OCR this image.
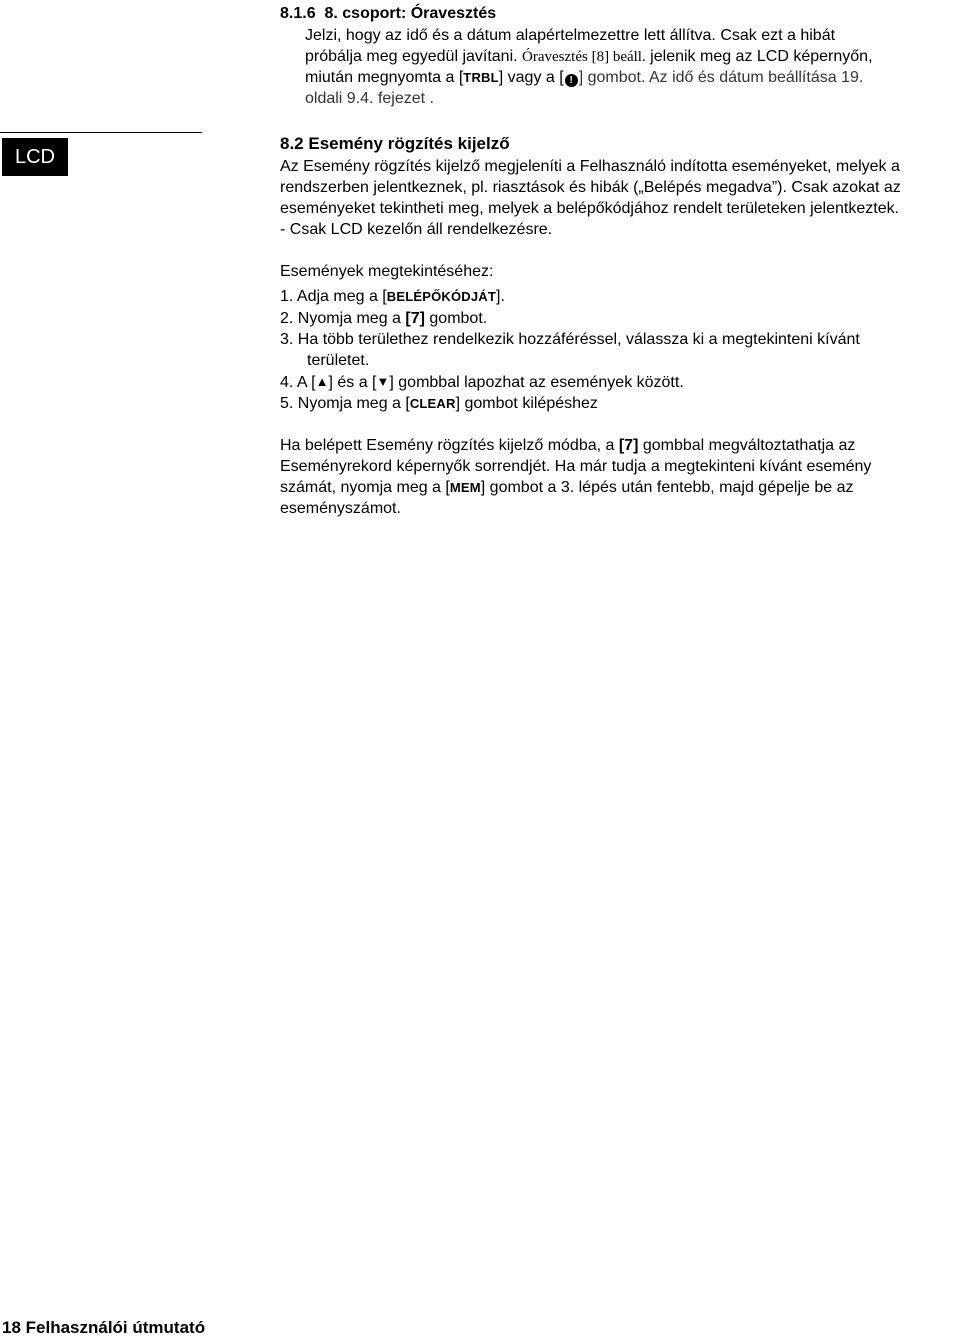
8.1.6 8. csoport: Óravesztés
Jelzi, hogy az idő és a dátum alapértelmezettre lett állítva. Csak ezt a hibát
próbálja meg egyedül javítani. Óravesztés [8] beáll. jelenik meg az LCD képernyőn,
miután megnyomta a [TRBL] vagy a [ ! ] gombot. Az idő és dátum beállítása 19.
oldali 9.4. fejezet .
LCD
8.2 Esemény rögzítés kijelző
Az Esemény rögzítés kijelző megjeleníti a Felhasználó indította eseményeket, melyek a
rendszerben jelentkeznek, pl. riasztások és hibák („Belépés megadva”). Csak azokat az
eseményeket tekintheti meg, melyek a belépőkódjához rendelt területeken jelentkeztek.
- Csak LCD kezelőn áll rendelkezésre.
Események megtekintéséhez:
1. Adja meg a [BELÉPŐKÓDJÁT].
2. Nyomja meg a [7] gombot.
3. Ha több területhez rendelkezik hozzáféréssel, válassza ki a megtekinteni kívánt
területet.
4. A [▲] és a [▼] gombbal lapozhat az események között.
5. Nyomja meg a [CLEAR] gombot kilépéshez
Ha belépett Esemény rögzítés kijelző módba, a [7] gombbal megváltoztathatja az
Eseményrekord képernyők sorrendjét. Ha már tudja a megtekinteni kívánt esemény
számát, nyomja meg a [MEM] gombot a 3. lépés után fentebb, majd gépelje be az
eseményszámot.
18 Felhasználói útmutató
